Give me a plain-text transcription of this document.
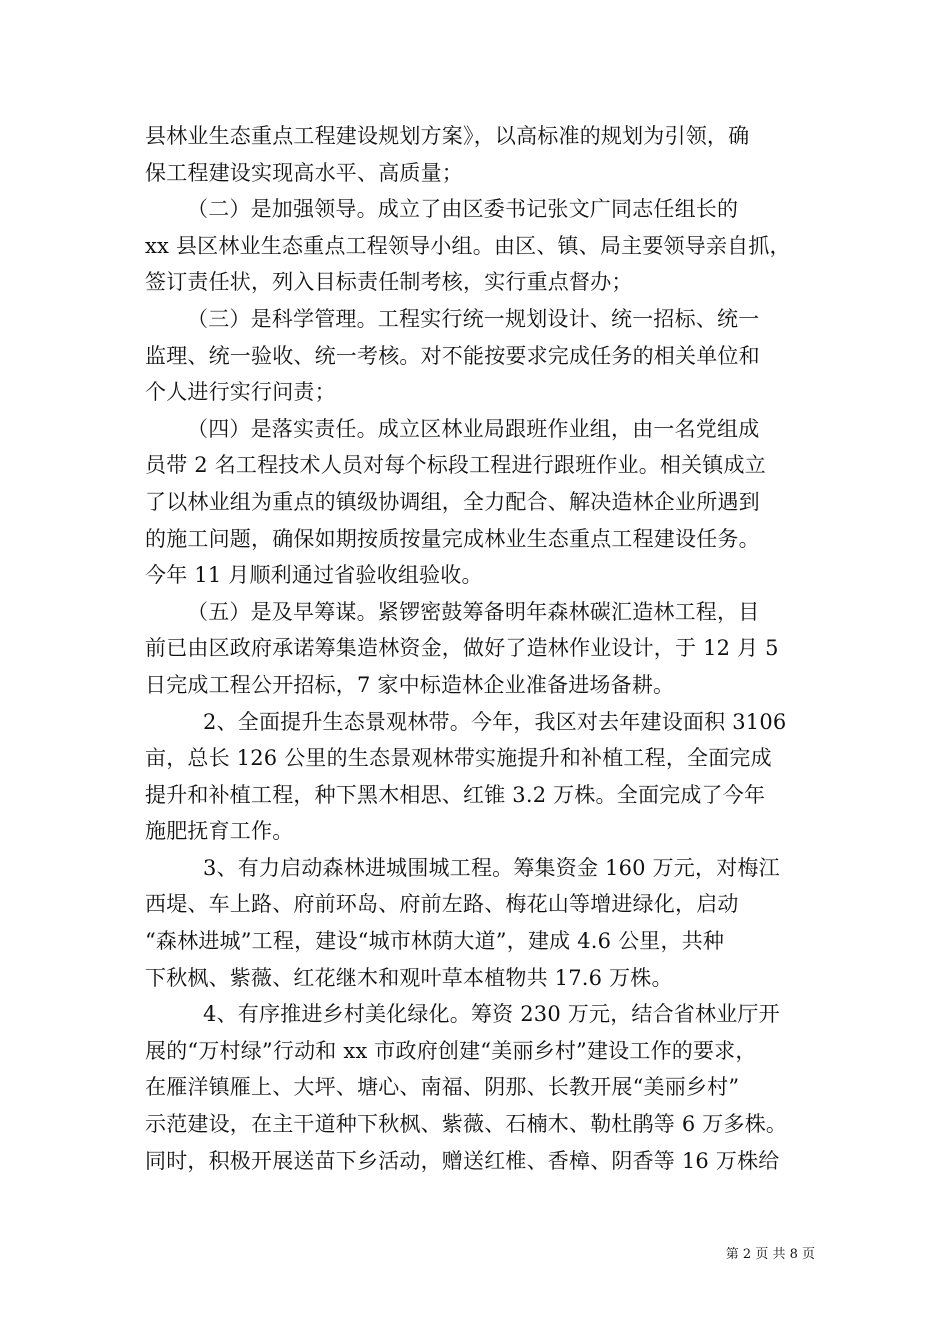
县林业生态重点工程建设规划方案》，以高标准的规划为引领，确
保工程建设实现高水平、高质量；
（二）是加强领导。成立了由区委书记张文广同志任组长的
xx 县区林业生态重点工程领导小组。由区、镇、局主要领导亲自抓，
签订责任状，列入目标责任制考核，实行重点督办；
（三）是科学管理。工程实行统一规划设计、统一招标、统一
监理、统一验收、统一考核。对不能按要求完成任务的相关单位和
个人进行实行问责；
（四）是落实责任。成立区林业局跟班作业组，由一名党组成
员带 2 名工程技术人员对每个标段工程进行跟班作业。相关镇成立
了以林业组为重点的镇级协调组，全力配合、解决造林企业所遇到
的施工问题，确保如期按质按量完成林业生态重点工程建设任务。
今年 11 月顺利通过省验收组验收。
（五）是及早筹谋。紧锣密鼓筹备明年森林碳汇造林工程，目
前已由区政府承诺筹集造林资金，做好了造林作业设计，于 12 月 5
日完成工程公开招标，7 家中标造林企业准备进场备耕。
2、全面提升生态景观林带。今年，我区对去年建设面积 3106
亩，总长 126 公里的生态景观林带实施提升和补植工程，全面完成
提升和补植工程，种下黑木相思、红锥 3.2 万株。全面完成了今年
施肥抚育工作。
3、有力启动森林进城围城工程。筹集资金 160 万元，对梅江
西堤、车上路、府前环岛、府前左路、梅花山等增进绿化，启动
“森林进城”工程，建设“城市林荫大道”，建成 4.6 公里，共种
下秋枫、紫薇、红花继木和观叶草本植物共 17.6 万株。
4、有序推进乡村美化绿化。筹资 230 万元，结合省林业厅开
展的“万村绿”行动和 xx 市政府创建“美丽乡村”建设工作的要求，
在雁洋镇雁上、大坪、塘心、南福、阴那、长教开展“美丽乡村”
示范建设，在主干道种下秋枫、紫薇、石楠木、勒杜鹃等 6 万多株。
同时，积极开展送苗下乡活动，赠送红椎、香樟、阴香等 16 万株给
第 2 页 共 8 页
